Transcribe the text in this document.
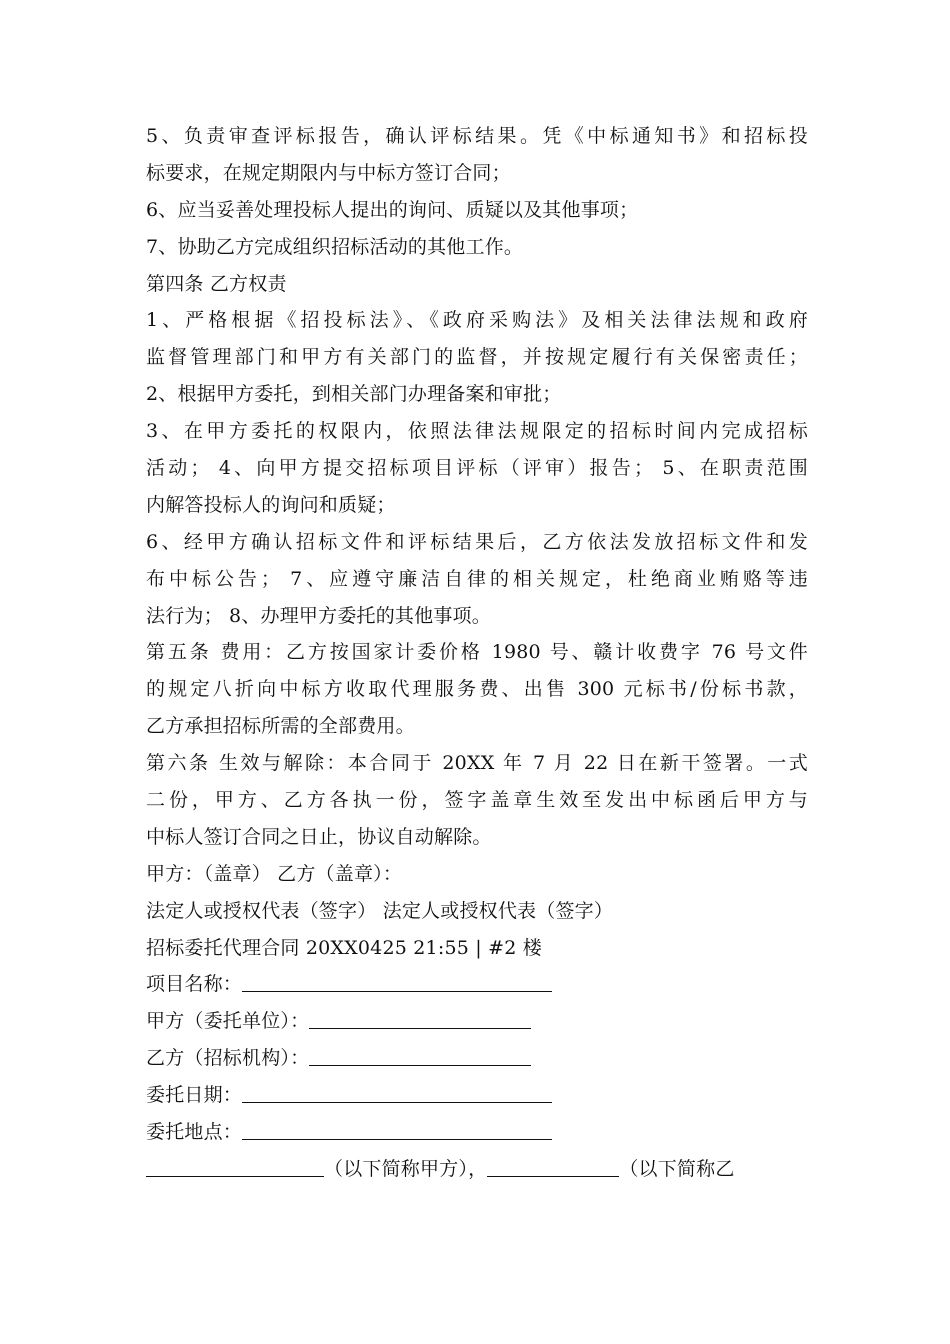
5、负责审查评标报告，确认评标结果。凭《中标通知书》和招标投
标要求，在规定期限内与中标方签订合同；
6、应当妥善处理投标人提出的询问、质疑以及其他事项；
7、协助乙方完成组织招标活动的其他工作。
第四条 乙方权责
1、严格根据《招投标法》、《政府采购法》及相关法律法规和政府
监督管理部门和甲方有关部门的监督，并按规定履行有关保密责任；
2、根据甲方委托，到相关部门办理备案和审批；
3、在甲方委托的权限内，依照法律法规限定的招标时间内完成招标
活动； 4、向甲方提交招标项目评标（评审）报告； 5、在职责范围
内解答投标人的询问和质疑；
6、经甲方确认招标文件和评标结果后，乙方依法发放招标文件和发
布中标公告； 7、应遵守廉洁自律的相关规定，杜绝商业贿赂等违
法行为； 8、办理甲方委托的其他事项。
第五条 费用：乙方按国家计委价格 1980 号、赣计收费字 76 号文件
的规定八折向中标方收取代理服务费、出售 300 元标书/份标书款，
乙方承担招标所需的全部费用。
第六条 生效与解除：本合同于 20XX 年 7 月 22 日在新干签署。一式
二份，甲方、乙方各执一份，签字盖章生效至发出中标函后甲方与
中标人签订合同之日止，协议自动解除。
甲方：（盖章） 乙方（盖章）：
法定人或授权代表（签字） 法定人或授权代表（签字）
招标委托代理合同 20XX0425 21:55 | #2 楼
项目名称：
甲方（委托单位）：
乙方（招标机构）：
委托日期：
委托地点：
（以下简称甲方），	（以下简称乙
